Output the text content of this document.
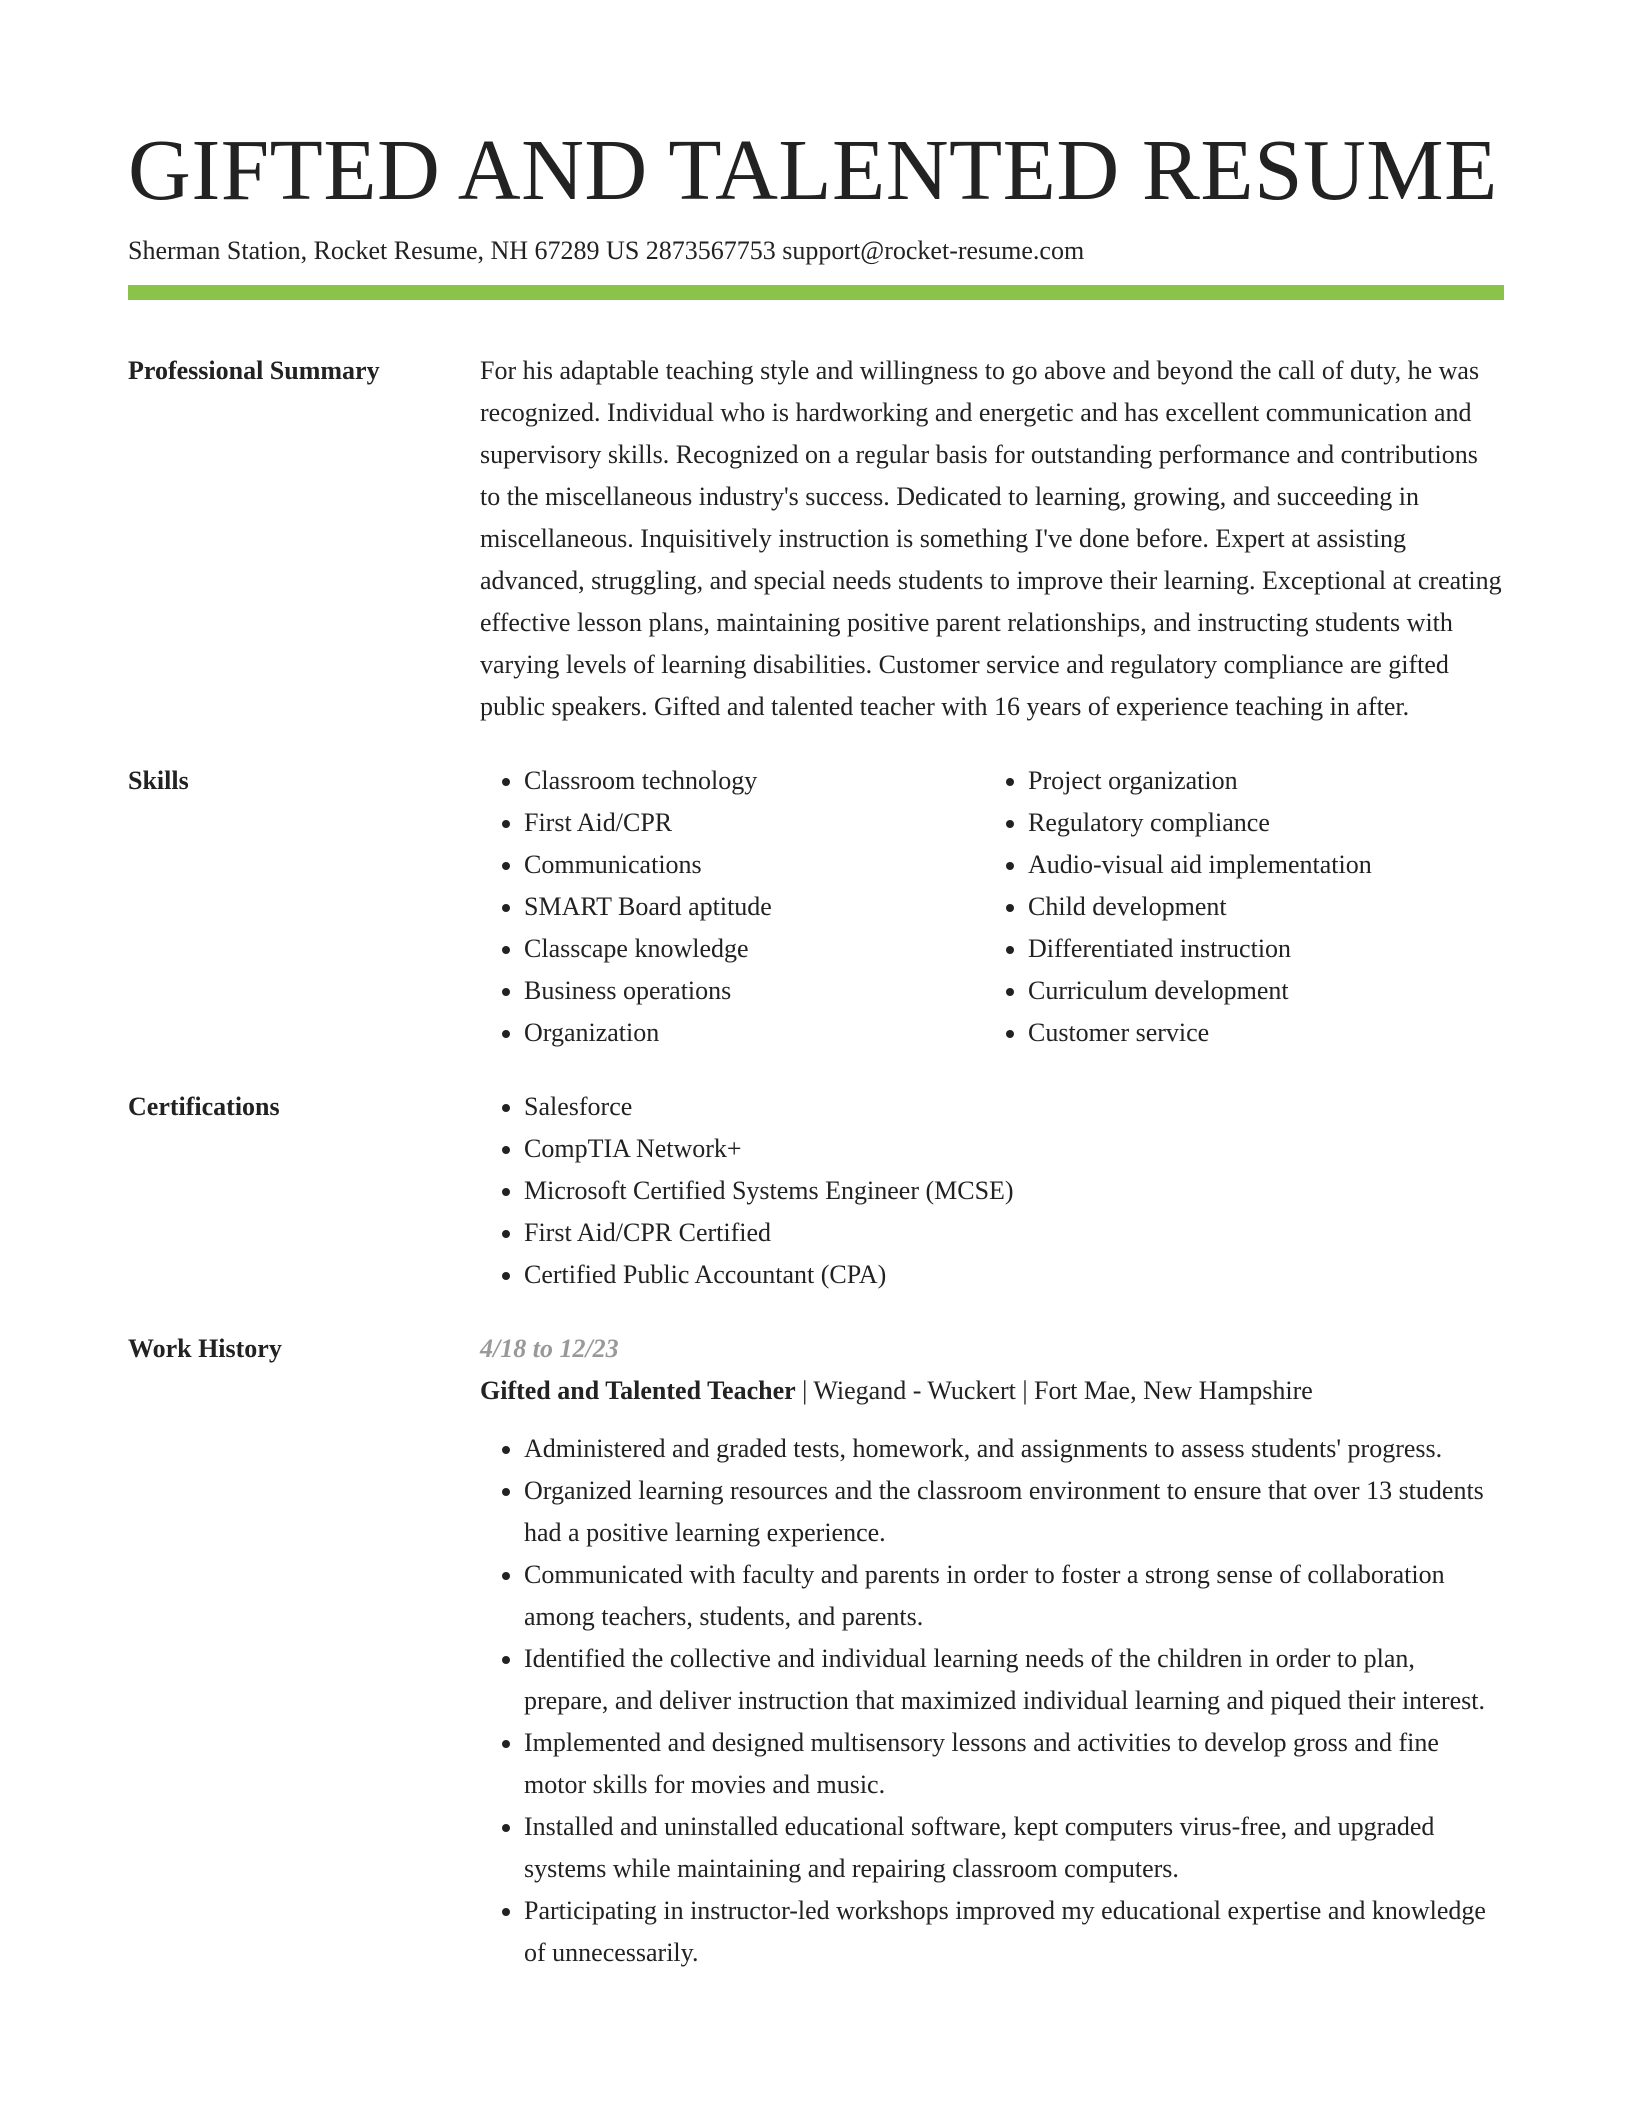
GIFTED AND TALENTED RESUME
Sherman Station, Rocket Resume, NH 67289 US 2873567753 support@rocket-resume.com
Professional Summary	For his adaptable teaching style and willingness to go above and beyond the call of duty, he was recognized. Individual who is hardworking and energetic and has excellent communication and supervisory skills. Recognized on a regular basis for outstanding performance and contributions to the miscellaneous industry's success. Dedicated to learning, growing, and succeeding in miscellaneous. Inquisitively instruction is something I've done before. Expert at assisting advanced, struggling, and special needs students to improve their learning. Exceptional at creating effective lesson plans, maintaining positive parent relationships, and instructing students with varying levels of learning disabilities. Customer service and regulatory compliance are gifted public speakers. Gifted and talented teacher with 16 years of experience teaching in after.

Skills	• Classroom technology
• First Aid/CPR
• Communications
• SMART Board aptitude
• Classcape knowledge
• Business operations
• Organization
• Project organization
• Regulatory compliance
• Audio-visual aid implementation
• Child development
• Differentiated instruction
• Curriculum development
• Customer service
Certifications	• Salesforce
• CompTIA Network+
• Microsoft Certified Systems Engineer (MCSE)
• First Aid/CPR Certified
• Certified Public Accountant (CPA)
Work History	4/18 to 12/23
Gifted and Talented Teacher | Wiegand - Wuckert | Fort Mae, New Hampshire
• Administered and graded tests, homework, and assignments to assess students' progress.
• Organized learning resources and the classroom environment to ensure that over 13 students had a positive learning experience.
• Communicated with faculty and parents in order to foster a strong sense of collaboration among teachers, students, and parents.
• Identified the collective and individual learning needs of the children in order to plan, prepare, and deliver instruction that maximized individual learning and piqued their interest.
• Implemented and designed multisensory lessons and activities to develop gross and fine motor skills for movies and music.
• Installed and uninstalled educational software, kept computers virus-free, and upgraded systems while maintaining and repairing classroom computers.
• Participating in instructor-led workshops improved my educational expertise and knowledge of unnecessarily.
